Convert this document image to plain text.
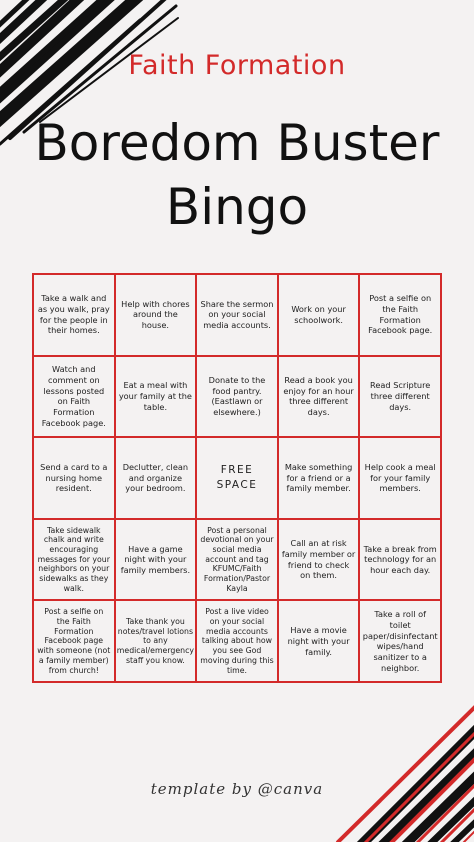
Faith Formation
Boredom Buster
Bingo
Take a walk and as you walk, pray for the people in their homes.
Help with chores around the house.
Share the sermon on your social media accounts.
Work on your schoolwork.
Post a selfie on the Faith Formation Facebook page.
Watch and comment on lessons posted on Faith Formation Facebook page.
Eat a meal with your family at the table.
Donate to the food pantry. (Eastlawn or elsewhere.)
Read a book you enjoy for an hour three different days.
Read Scripture three different days.
Send a card to a nursing home resident.
Declutter, clean and organize your bedroom.
FREE SPACE
Make something for a friend or a family member.
Help cook a meal for your family members.
Take sidewalk chalk and write encouraging messages for your neighbors on your sidewalks as they walk.
Have a game night with your family members.
Post a personal devotional on your social media account and tag KFUMC/Faith Formation/Pastor Kayla
Call an at risk family member or friend to check on them.
Take a break from technology for an hour each day.
Post a selfie on the Faith Formation Facebook page with someone (not a family member) from church!
Take thank you notes/travel lotions to any medical/emergency staff you know.
Post a live video on your social media accounts talking about how you see God moving during this time.
Have a movie night with your family.
Take a roll of toilet paper/disinfectant wipes/hand sanitizer to a neighbor.
template by @canva
